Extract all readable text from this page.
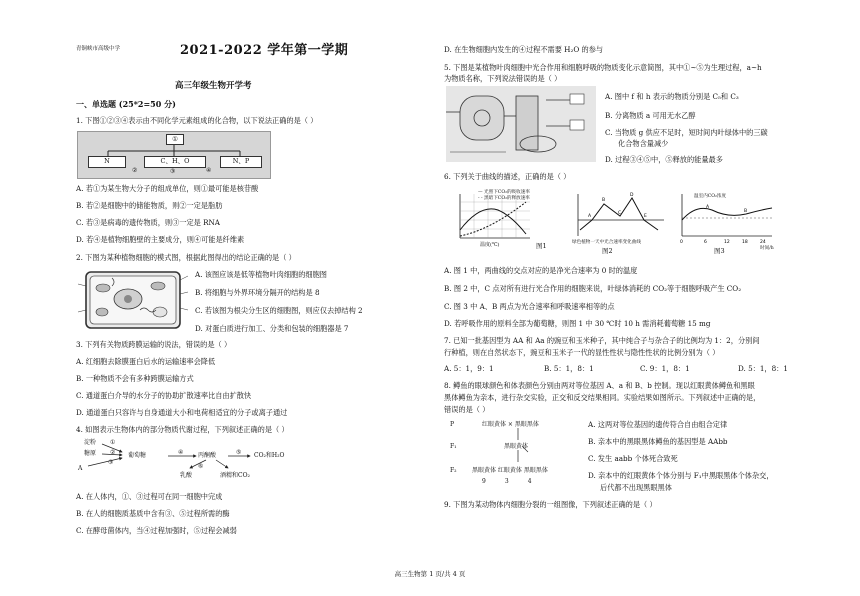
青铜峡市高级中学	2021-2022 学年第一学期
高三年级生物开学考
一、单选题 (25*2=50 分)
1. 下图①②③④表示由不同化学元素组成的化合物，以下说法正确的是（ ）
①
N	C、H、O	N、P
②	③	④
A. 若①为某生物大分子的组成单位，则①最可能是核苷酸
B. 若②是细胞中的储能物质，则②一定是脂肪
C. 若③是病毒的遗传物质，则③一定是 RNA
D. 若④是植物细胞壁的主要成分，则④可能是纤维素
2. 下图为某种植物细胞的模式图，根据此图得出的结论正确的是（ ）
A. 该图应该是低等植物叶肉细胞的细胞图
B. 将细胞与外界环境分隔开的结构是 8
C. 若该图为根尖分生区的细胞图，则应仅去掉结构 2
D. 对蛋白质进行加工、分类和包装的细胞器是 7
3. 下列有关物质跨膜运输的说法，错误的是（ ）
A. 红细胞去除膜蛋白后水的运输速率会降低
B. 一种物质不会有多种跨膜运输方式
C. 通道蛋白介导的水分子的协助扩散速率比自由扩散快
D. 通道蛋白只容许与自身通道大小和电荷相适宜的分子或离子通过
4. 如图表示生物体内的部分物质代谢过程，下列叙述正确的是（ ）
淀粉
糖原
A
①
②
③
葡萄糖	④ 丙酮酸	⑤ CO₂和H₂O
⑥
乳酸	酒精和CO₂
A. 在人体内，①、③过程可在同一细胞中完成
B. 在人的细胞质基质中含有③、⑤过程所需的酶
C. 在酵母菌体内，当④过程加强时，⑤过程会减弱
D. 在生物细胞内发生的④过程不需要 H₂O 的参与
5. 下图是某植物叶肉细胞中光合作用和细胞呼吸的物质变化示意简图，其中①~⑤为生理过程，a~h
为物质名称，下列说法错误的是（ ）
A. 图中 f 和 h 表示的物质分别是 C₅和 C₃
B. 分离物质 a 可用无水乙醇
C. 当物质 g 供应不足时，短时间内叶绿体中的三碳
化合物含量减少
D. 过程③④⑤中，⑤释放的能量最多
6. 下列关于曲线的描述，正确的是（ ）
— 光照下CO₂的吸收速率
- - 黑暗下CO₂的释放速率
温度(℃)	图1
A
B
C
D
E
绿色植物一天中光合速率变化曲线
图2
A
B
0	6	12	18	24
温室内CO₂浓度
时间/h
图3
A. 图 1 中，两曲线的交点对应的是净光合速率为 0 时的温度
B. 图 2 中，C 点对所有进行光合作用的细胞来说，叶绿体消耗的 CO₂等于细胞呼吸产生 CO₂
C. 图 3 中 A、B 两点为光合速率和呼吸速率相等的点
D. 若呼吸作用的原料全部为葡萄糖，则图 1 中 30 ℃时 10 h 需消耗葡萄糖 15 mg
7. 已知一批基因型为 AA 和 Aa 的豌豆和玉米种子，其中纯合子与杂合子的比例均为 1：2，分别间
行种植，则在自然状态下，豌豆和玉米子一代的显性性状与隐性性状的比例分别为（ ）
A. 5：1，9：1	B. 5：1，8：1	C. 9：1，8：1	D. 5：1，8：1
8. 鳟鱼的眼球颜色和体表颜色分别由两对等位基因 A、a 和 B、b 控制。现以红眼黄体鳟鱼和黑眼
黑体鳟鱼为亲本，进行杂交实验，正交和反交结果相同。实验结果如图所示。下列叙述中正确的是，
错误的是（ ）
P	红眼黄体 × 黑眼黑体
F₁	黑眼黄体
F₂	黑眼黄体 红眼黄体 黑眼黑体
9          3          4
A. 这两对等位基因的遗传符合自由组合定律
B. 亲本中的黑眼黑体鳟鱼的基因型是 AAbb
C. 发生 aabb 个体死合致死
D. 亲本中的红眼黄体个体分别与 F₁中黑眼黑体个体杂交，
后代都不出现黑眼黑体
9. 下图为某动物体内细胞分裂的一组图像，下列叙述正确的是（ ）
高三生物第 1 页/共 4 页
